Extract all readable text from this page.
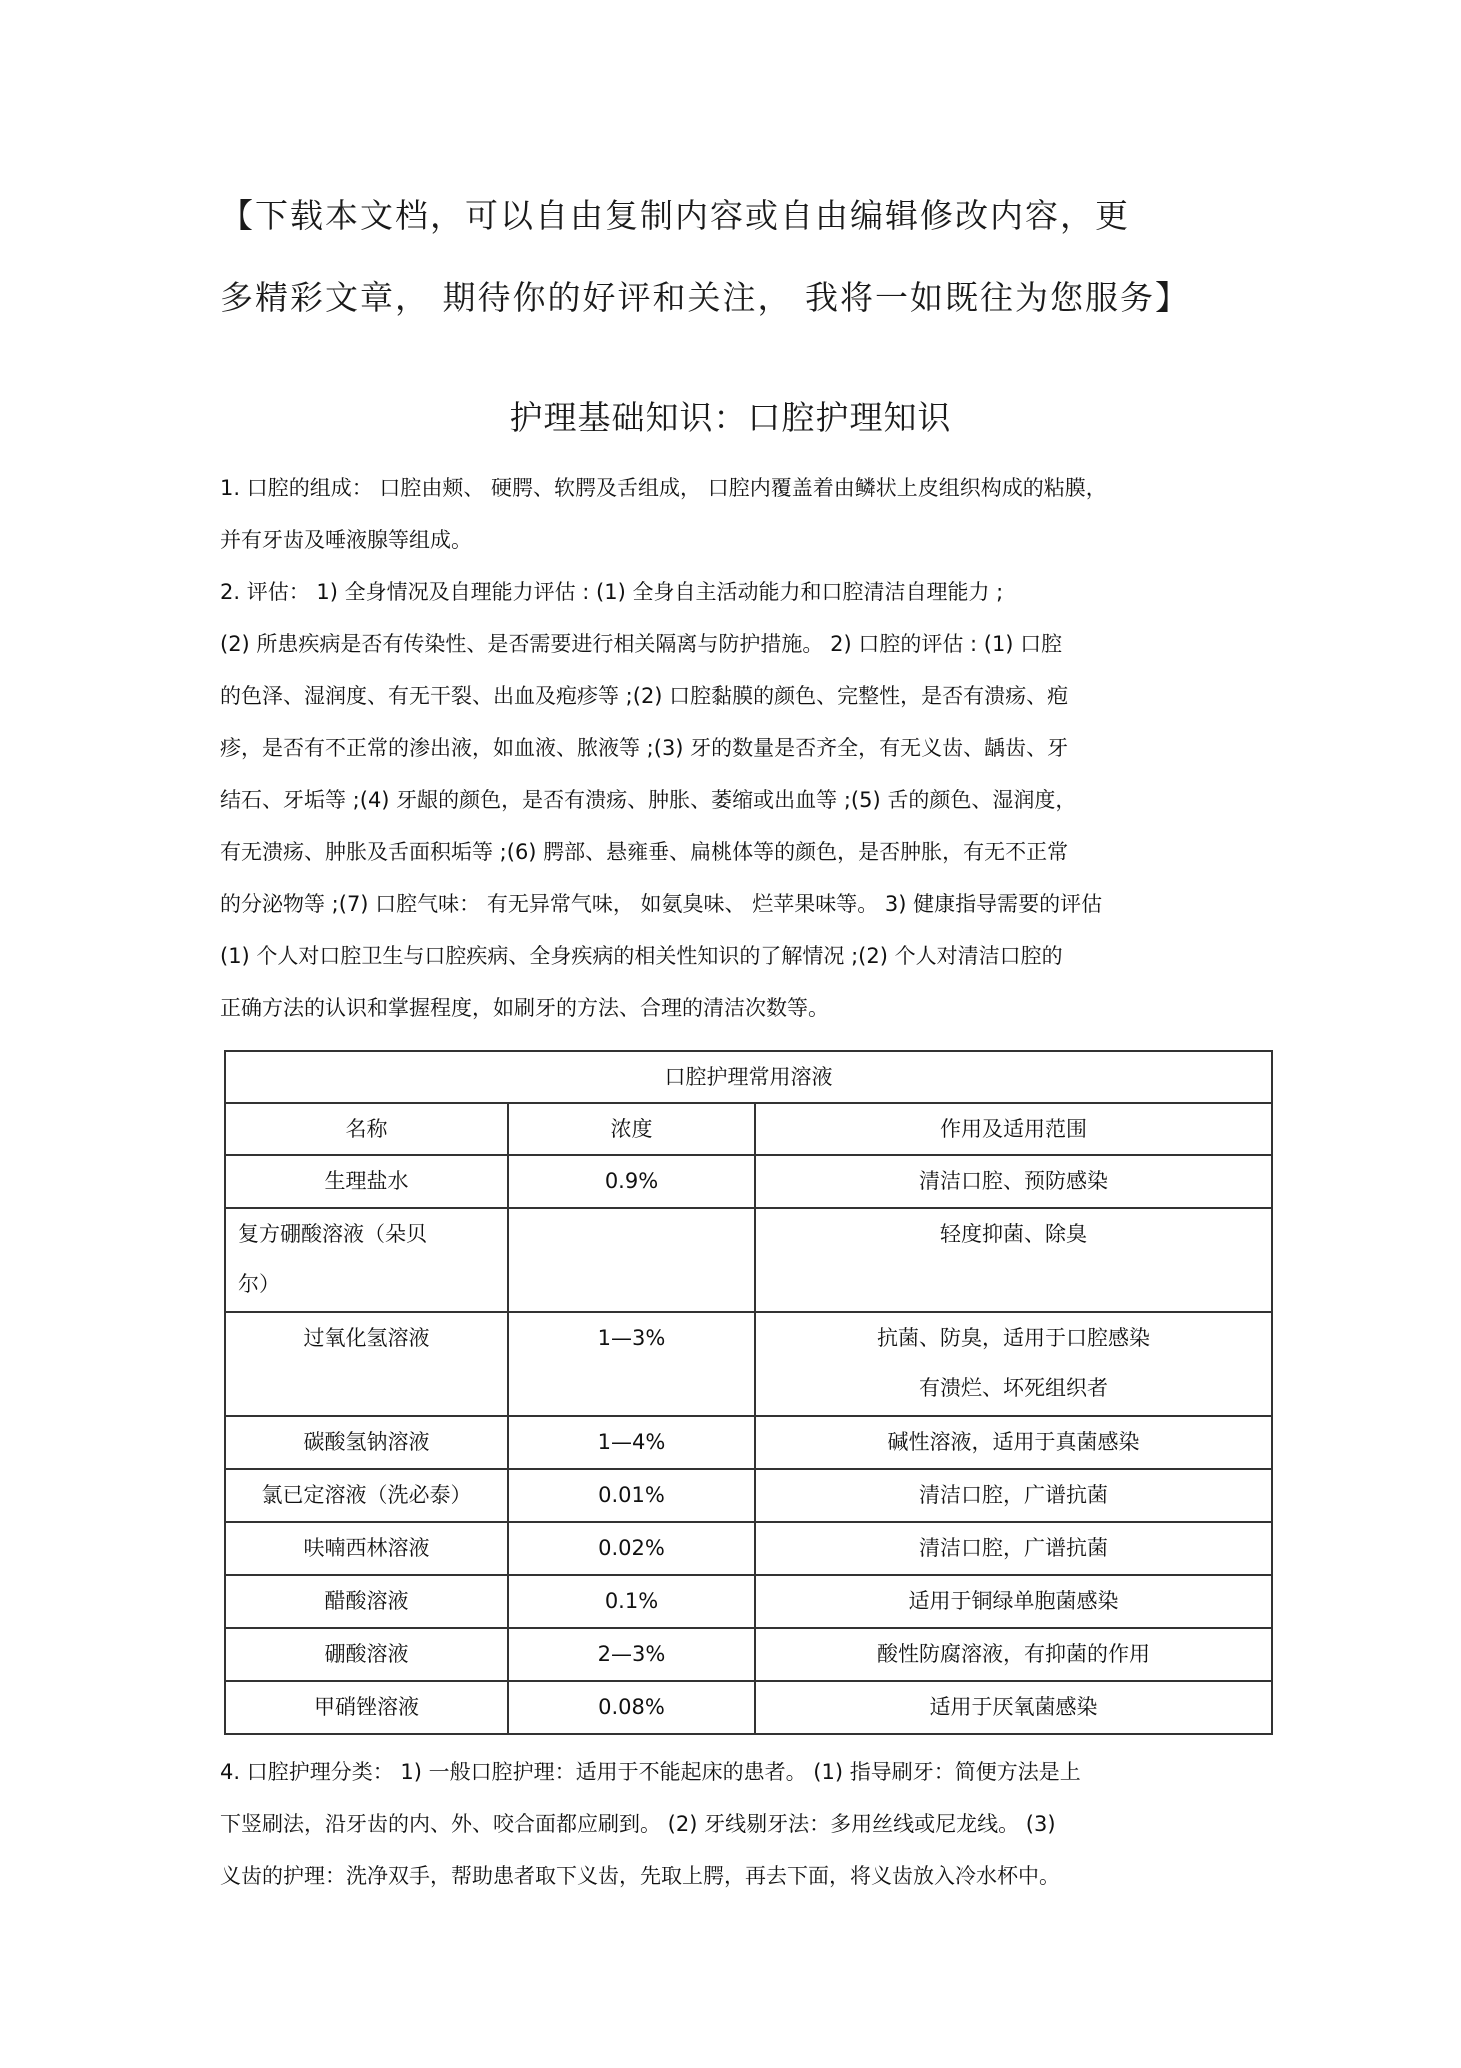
【下载本文档，可以自由复制内容或自由编辑修改内容，更
多精彩文章， 期待你的好评和关注， 我将一如既往为您服务】
护理基础知识：口腔护理知识

1. 口腔的组成： 口腔由颊、 硬腭、软腭及舌组成， 口腔内覆盖着由鳞状上皮组织构成的粘膜，
并有牙齿及唾液腺等组成。

2. 评估： 1) 全身情况及自理能力评估 : (1) 全身自主活动能力和口腔清洁自理能力 ;
(2) 所患疾病是否有传染性、是否需要进行相关隔离与防护措施。 2) 口腔的评估 : (1) 口腔
的色泽、湿润度、有无干裂、出血及疱疹等 ;(2) 口腔黏膜的颜色、完整性，是否有溃疡、疱
疹，是否有不正常的渗出液，如血液、脓液等 ;(3) 牙的数量是否齐全，有无义齿、龋齿、牙
结石、牙垢等 ;(4) 牙龈的颜色，是否有溃疡、肿胀、萎缩或出血等 ;(5) 舌的颜色、湿润度，
有无溃疡、肿胀及舌面积垢等 ;(6) 腭部、悬雍垂、扁桃体等的颜色，是否肿胀，有无不正常
的分泌物等 ;(7) 口腔气味： 有无异常气味， 如氨臭味、 烂苹果味等。 3) 健康指导需要的评估
(1) 个人对口腔卫生与口腔疾病、全身疾病的相关性知识的了解情况 ;(2) 个人对清洁口腔的
正确方法的认识和掌握程度，如刷牙的方法、合理的清洁次数等。

口腔护理常用溶液		
名称	浓度	作用及适用范围
生理盐水	0.9%	清洁口腔、预防感染

复方硼酸溶液（朵贝
尔）		轻度抑菌、除臭
过氧化氢溶液	1—3%	抗菌、防臭，适用于口腔感染
有溃烂、坏死组织者

碳酸氢钠溶液	1—4%	碱性溶液，适用于真菌感染
氯已定溶液（洗必泰）	0.01%	清洁口腔，广谱抗菌
呋喃西林溶液	0.02%	清洁口腔，广谱抗菌
醋酸溶液	0.1%	适用于铜绿单胞菌感染
硼酸溶液	2—3%	酸性防腐溶液，有抑菌的作用
甲硝锉溶液	0.08%	适用于厌氧菌感染

4. 口腔护理分类： 1) 一般口腔护理：适用于不能起床的患者。 (1) 指导刷牙：简便方法是上
下竖刷法，沿牙齿的内、外、咬合面都应刷到。 (2) 牙线剔牙法：多用丝线或尼龙线。 (3)
义齿的护理：洗净双手，帮助患者取下义齿，先取上腭，再去下面，将义齿放入冷水杯中。
